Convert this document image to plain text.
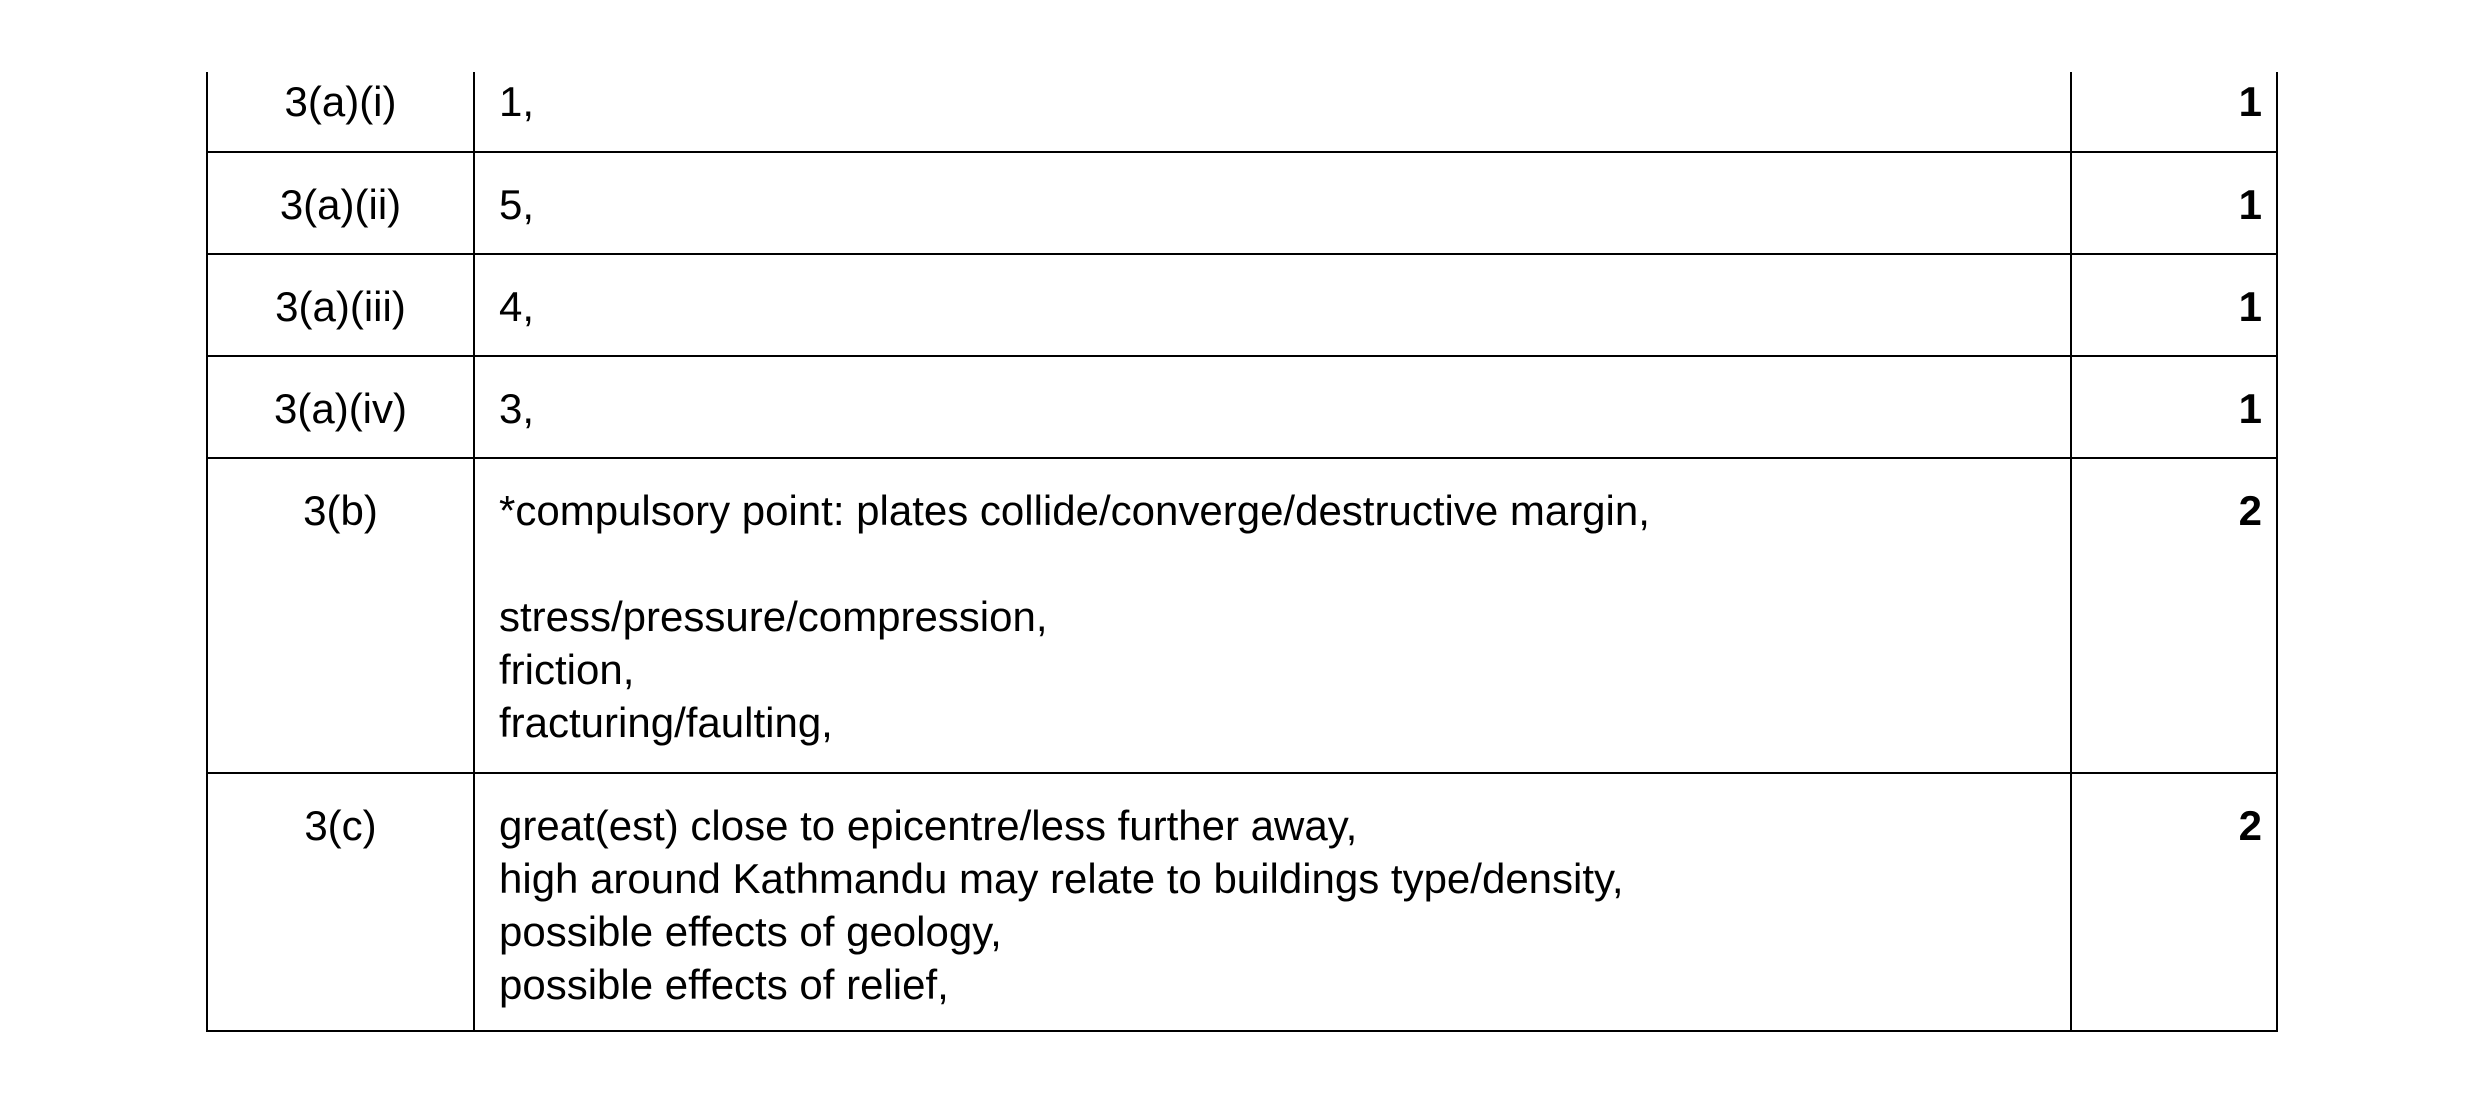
3(a)(i)	1,	1
3(a)(ii)	5,	1
3(a)(iii)	4,	1
3(a)(iv)	3,	1
3(b)	*compulsory point: plates collide/converge/destructive margin,
stress/pressure/compression,
friction,
fracturing/faulting,	2
3(c)	great(est) close to epicentre/less further away,
high around Kathmandu may relate to buildings type/density,
possible effects of geology,
possible effects of relief,	2
